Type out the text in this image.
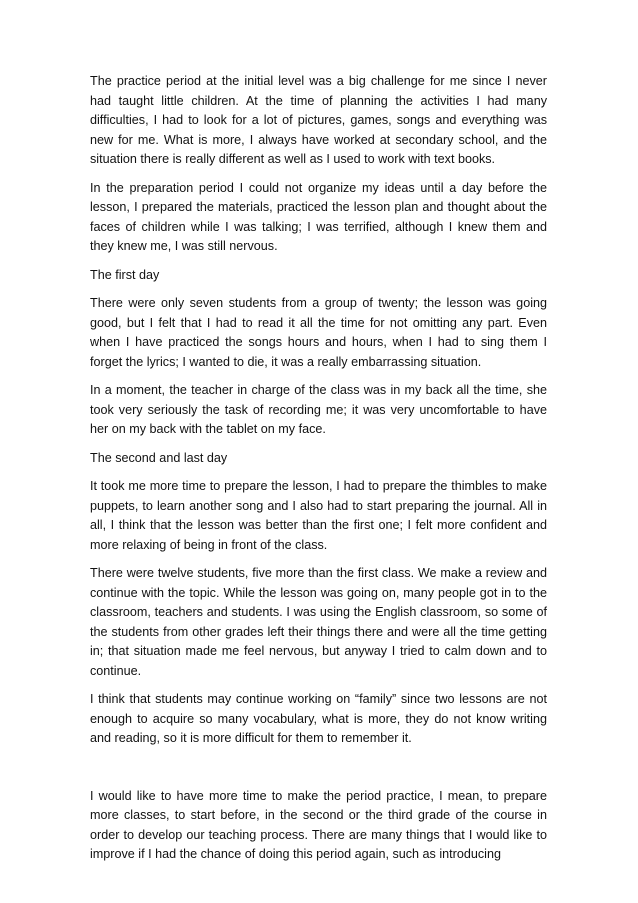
The practice period at the initial level was a big challenge for me since I never had taught little children. At the time of planning the activities I had many difficulties, I had to look for a lot of pictures, games, songs and everything was new for me. What is more, I always have worked at secondary school, and the situation there is really different as well as I used to work with text books.

In the preparation period I could not organize my ideas until a day before the lesson, I prepared the materials, practiced the lesson plan and thought about the faces of children while I was talking; I was terrified, although I knew them and they knew me, I was still nervous.

The first day

There were only seven students from a group of twenty; the lesson was going good, but I felt that I had to read it all the time for not omitting any part. Even when I have practiced the songs hours and hours, when I had to sing them I forget the lyrics; I wanted to die, it was a really embarrassing situation.

In a moment, the teacher in charge of the class was in my back all the time, she took very seriously the task of recording me; it was very uncomfortable to have her on my back with the tablet on my face.

The second and last day

It took me more time to prepare the lesson, I had to prepare the thimbles to make puppets, to learn another song and I also had to start preparing the journal. All in all, I think that the lesson was better than the first one; I felt more confident and more relaxing of being in front of the class.

There were twelve students, five more than the first class. We make a review and continue with the topic. While the lesson was going on, many people got in to the classroom, teachers and students. I was using the English classroom, so some of the students from other grades left their things there and were all the time getting in; that situation made me feel nervous, but anyway I tried to calm down and to continue.

I think that students may continue working on “family” since two lessons are not enough to acquire so many vocabulary, what is more, they do not know writing and reading, so it is more difficult for them to remember it.

I would like to have more time to make the period practice, I mean, to prepare more classes, to start before, in the second or the third grade of the course in order to develop our teaching process. There are many things that I would like to improve if I had the chance of doing this period again, such as introducing
